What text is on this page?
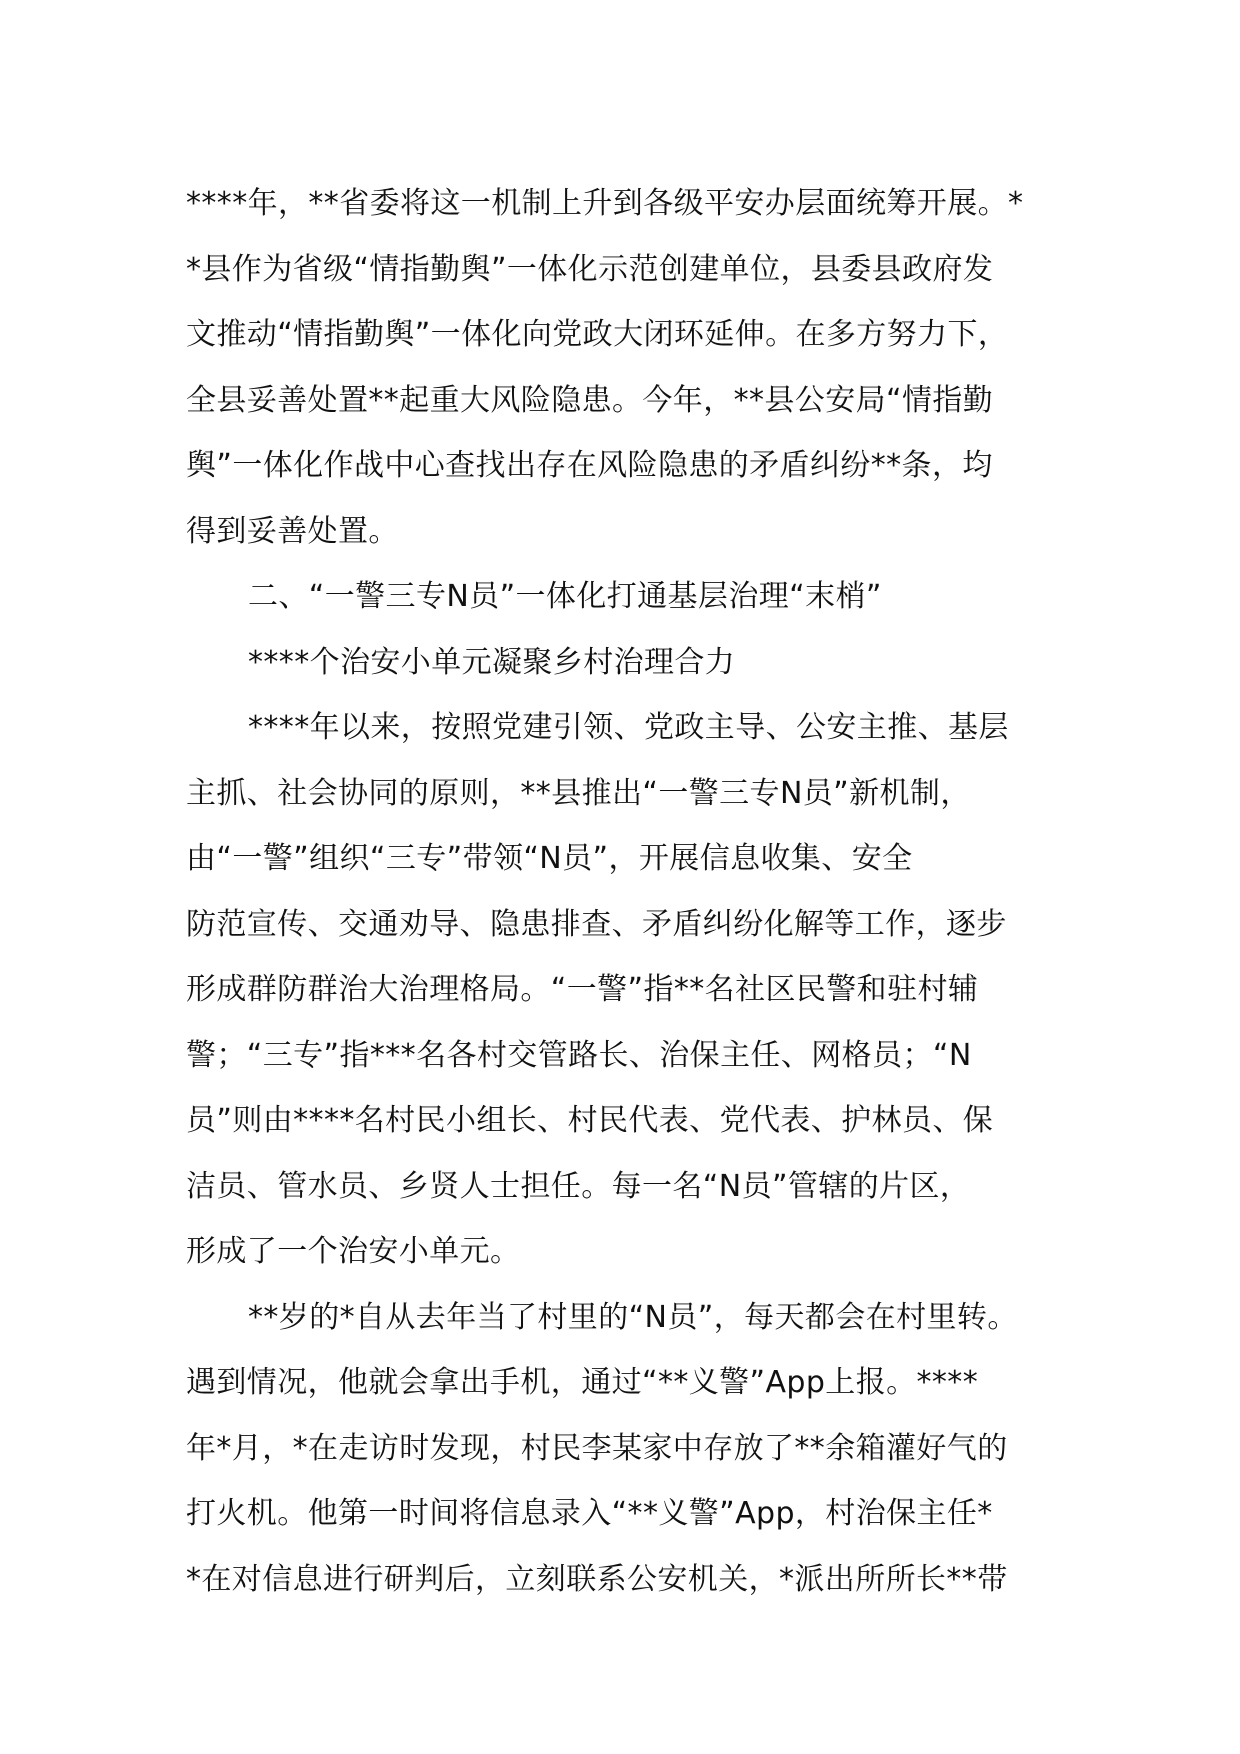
****年，**省委将这一机制上升到各级平安办层面统筹开展。*
*县作为省级“情指勤舆”一体化示范创建单位，县委县政府发
文推动“情指勤舆”一体化向党政大闭环延伸。在多方努力下，
全县妥善处置**起重大风险隐患。今年，**县公安局“情指勤
舆”一体化作战中心查找出存在风险隐患的矛盾纠纷**条，均
得到妥善处置。
二、“一警三专N员”一体化打通基层治理“末梢”
****个治安小单元凝聚乡村治理合力
****年以来，按照党建引领、党政主导、公安主推、基层
主抓、社会协同的原则，**县推出“一警三专N员”新机制，
由“一警”组织“三专”带领“N员”，开展信息收集、安全
防范宣传、交通劝导、隐患排查、矛盾纠纷化解等工作，逐步
形成群防群治大治理格局。“一警”指**名社区民警和驻村辅
警；“三专”指***名各村交管路长、治保主任、网格员；“N
员”则由****名村民小组长、村民代表、党代表、护林员、保
洁员、管水员、乡贤人士担任。每一名“N员”管辖的片区，
形成了一个治安小单元。
**岁的*自从去年当了村里的“N员”，每天都会在村里转。
遇到情况，他就会拿出手机，通过“**义警”App上报。****
年*月，*在走访时发现，村民李某家中存放了**余箱灌好气的
打火机。他第一时间将信息录入“**义警”App，村治保主任*
*在对信息进行研判后，立刻联系公安机关，*派出所所长**带
